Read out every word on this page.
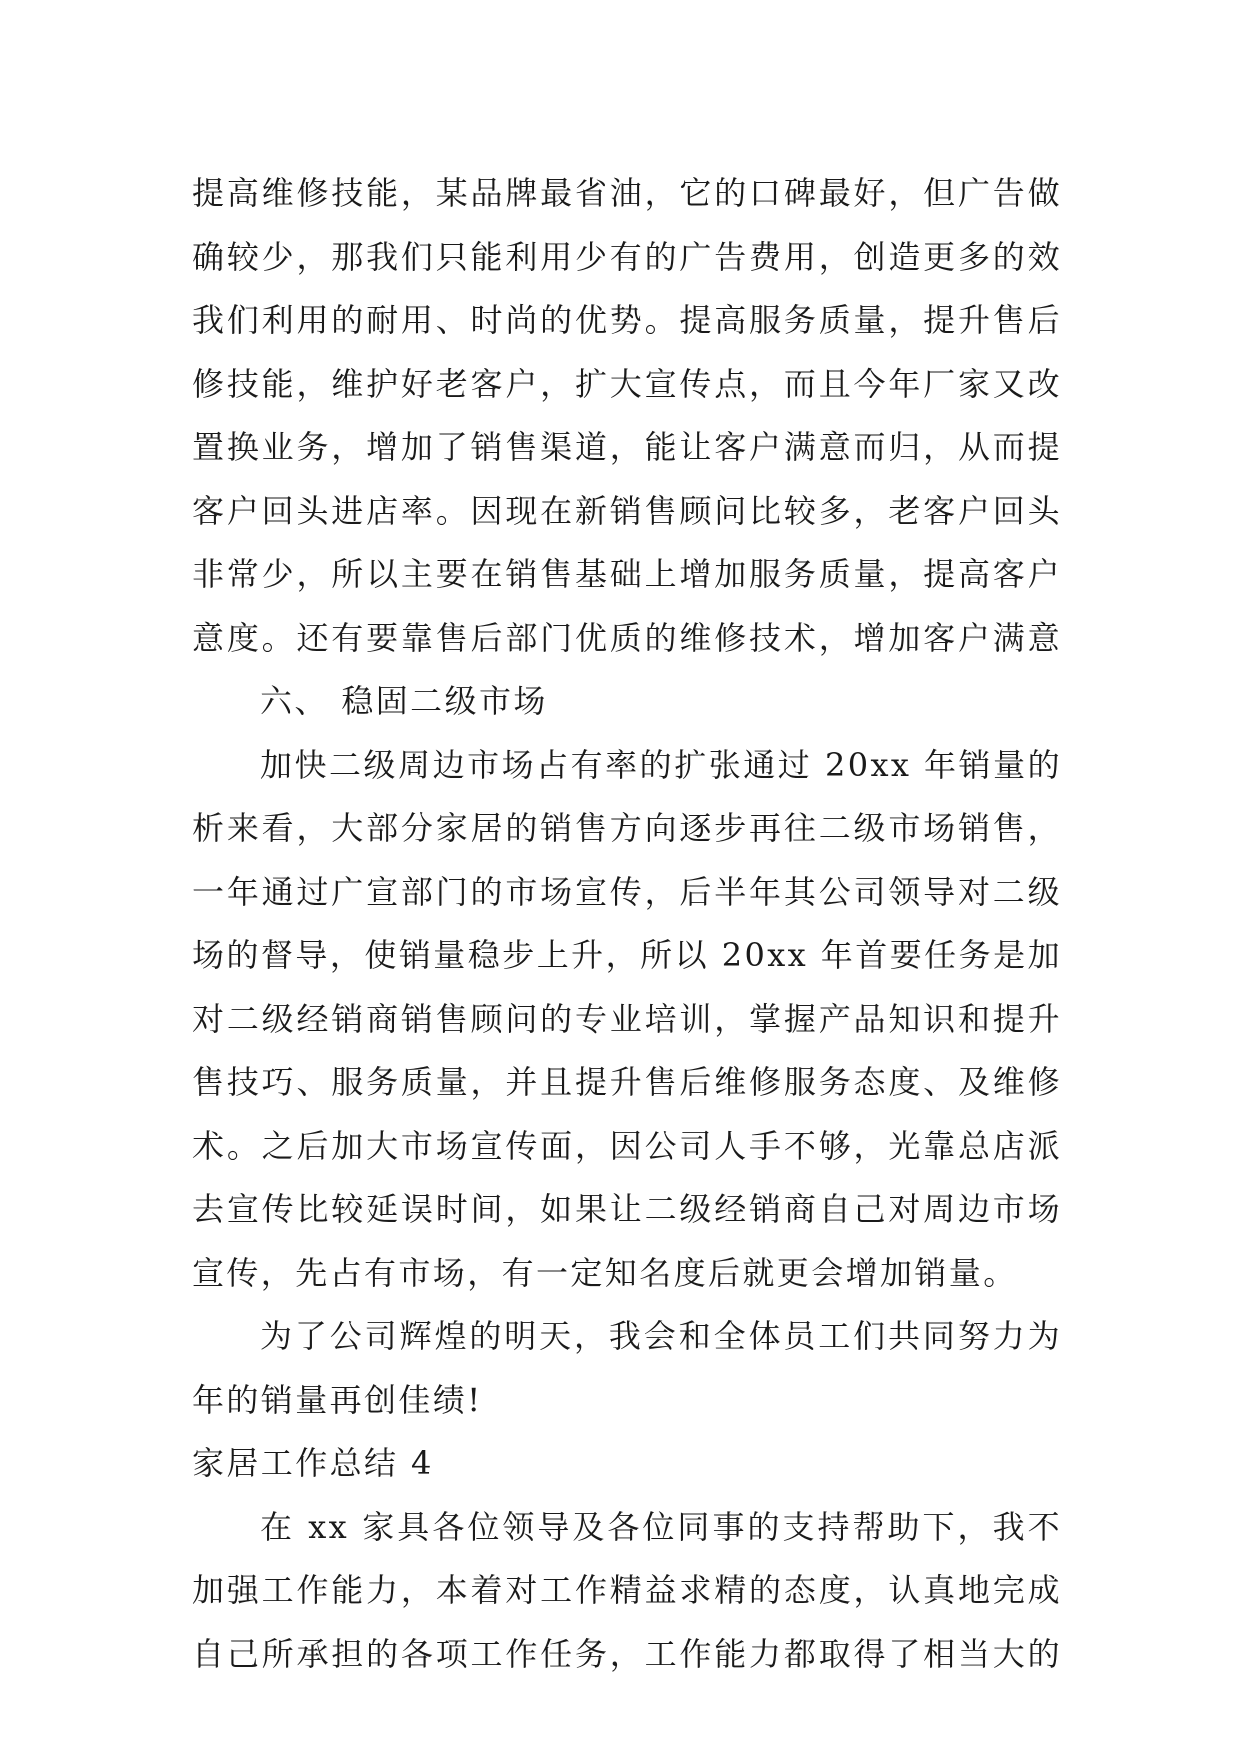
提高维修技能，某品牌最省油，它的口碑最好，但广告做
确较少，那我们只能利用少有的广告费用，创造更多的效
我们利用的耐用、时尚的优势。提高服务质量，提升售后
修技能，维护好老客户，扩大宣传点，而且今年厂家又改
置换业务，增加了销售渠道，能让客户满意而归，从而提
客户回头进店率。因现在新销售顾问比较多，老客户回头
非常少，所以主要在销售基础上增加服务质量，提高客户
意度。还有要靠售后部门优质的维修技术，增加客户满意
六、 稳固二级市场
加快二级周边市场占有率的扩张通过 20xx 年销量的
析来看，大部分家居的销售方向逐步再往二级市场销售，
一年通过广宣部门的市场宣传，后半年其公司领导对二级
场的督导，使销量稳步上升，所以 20xx 年首要任务是加
对二级经销商销售顾问的专业培训，掌握产品知识和提升
售技巧、服务质量，并且提升售后维修服务态度、及维修
术。之后加大市场宣传面，因公司人手不够，光靠总店派
去宣传比较延误时间，如果让二级经销商自己对周边市场
宣传，先占有市场，有一定知名度后就更会增加销量。
为了公司辉煌的明天，我会和全体员工们共同努力为
年的销量再创佳绩!
家居工作总结 4
在 xx 家具各位领导及各位同事的支持帮助下，我不
加强工作能力，本着对工作精益求精的态度，认真地完成
自己所承担的各项工作任务，工作能力都取得了相当大的
